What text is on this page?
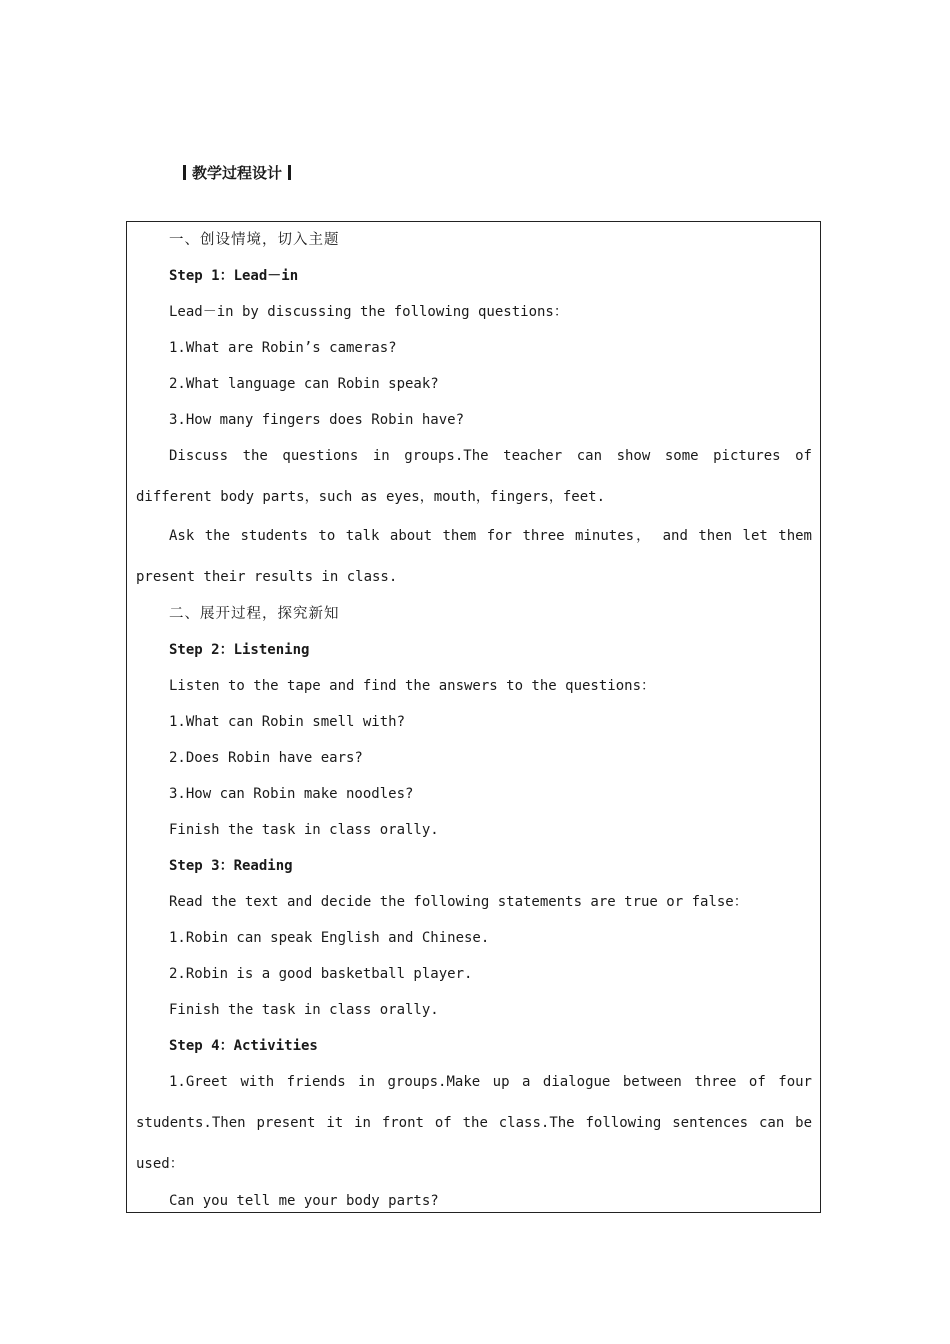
教学过程设计
一、创设情境，切入主题
Step 1：Lead－in
Lead－in by discussing the following questions：
1.What are Robin’s cameras?
2.What language can Robin speak?
3.How many fingers does Robin have?
Discuss the questions in groups.The teacher can show some pictures of different body parts，such as eyes，mouth，fingers，feet.
Ask the students to talk about them for three minutes， and then let them present their results in class.
二、展开过程，探究新知
Step 2：Listening
Listen to the tape and find the answers to the questions：
1.What can Robin smell with?
2.Does Robin have ears?
3.How can Robin make noodles?
Finish the task in class orally.
Step 3：Reading
Read the text and decide the following statements are true or false：
1.Robin can speak English and Chinese.
2.Robin is a good basketball player.
Finish the task in class orally.
Step 4：Activities
1.Greet with friends in groups.Make up a dialogue between three of four students.Then present it in front of the class.The following sentences can be used：
Can you tell me your body parts?
